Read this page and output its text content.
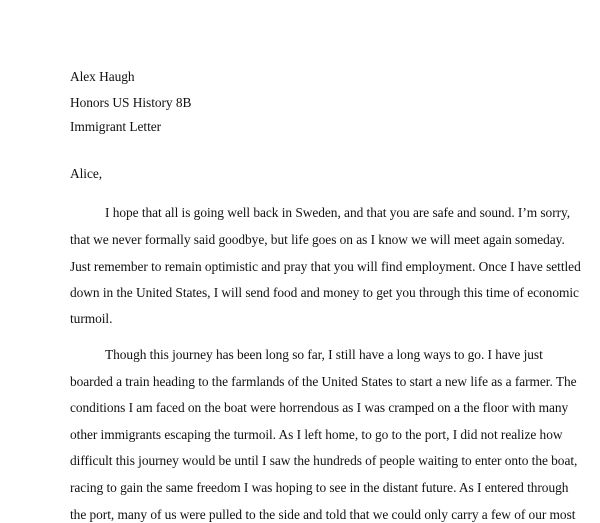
Alex Haugh
Honors US History 8B
Immigrant Letter
Alice,
I hope that all is going well back in Sweden, and that you are safe and sound. I’m sorry,
that we never formally said goodbye, but life goes on as I know we will meet again someday.
Just remember to remain optimistic and pray that you will find employment. Once I have settled
down in the United States, I will send food and money to get you through this time of economic
turmoil.
Though this journey has been long so far, I still have a long ways to go. I have just
boarded a train heading to the farmlands of the United States to start a new life as a farmer. The
conditions I am faced on the boat were horrendous as I was cramped on a the floor with many
other immigrants escaping the turmoil. As I left home, to go to the port, I did not realize how
difficult this journey would be until I saw the hundreds of people waiting to enter onto the boat,
racing to gain the same freedom I was hoping to see in the distant future. As I entered through
the port, many of us were pulled to the side and told that we could only carry a few of our most
